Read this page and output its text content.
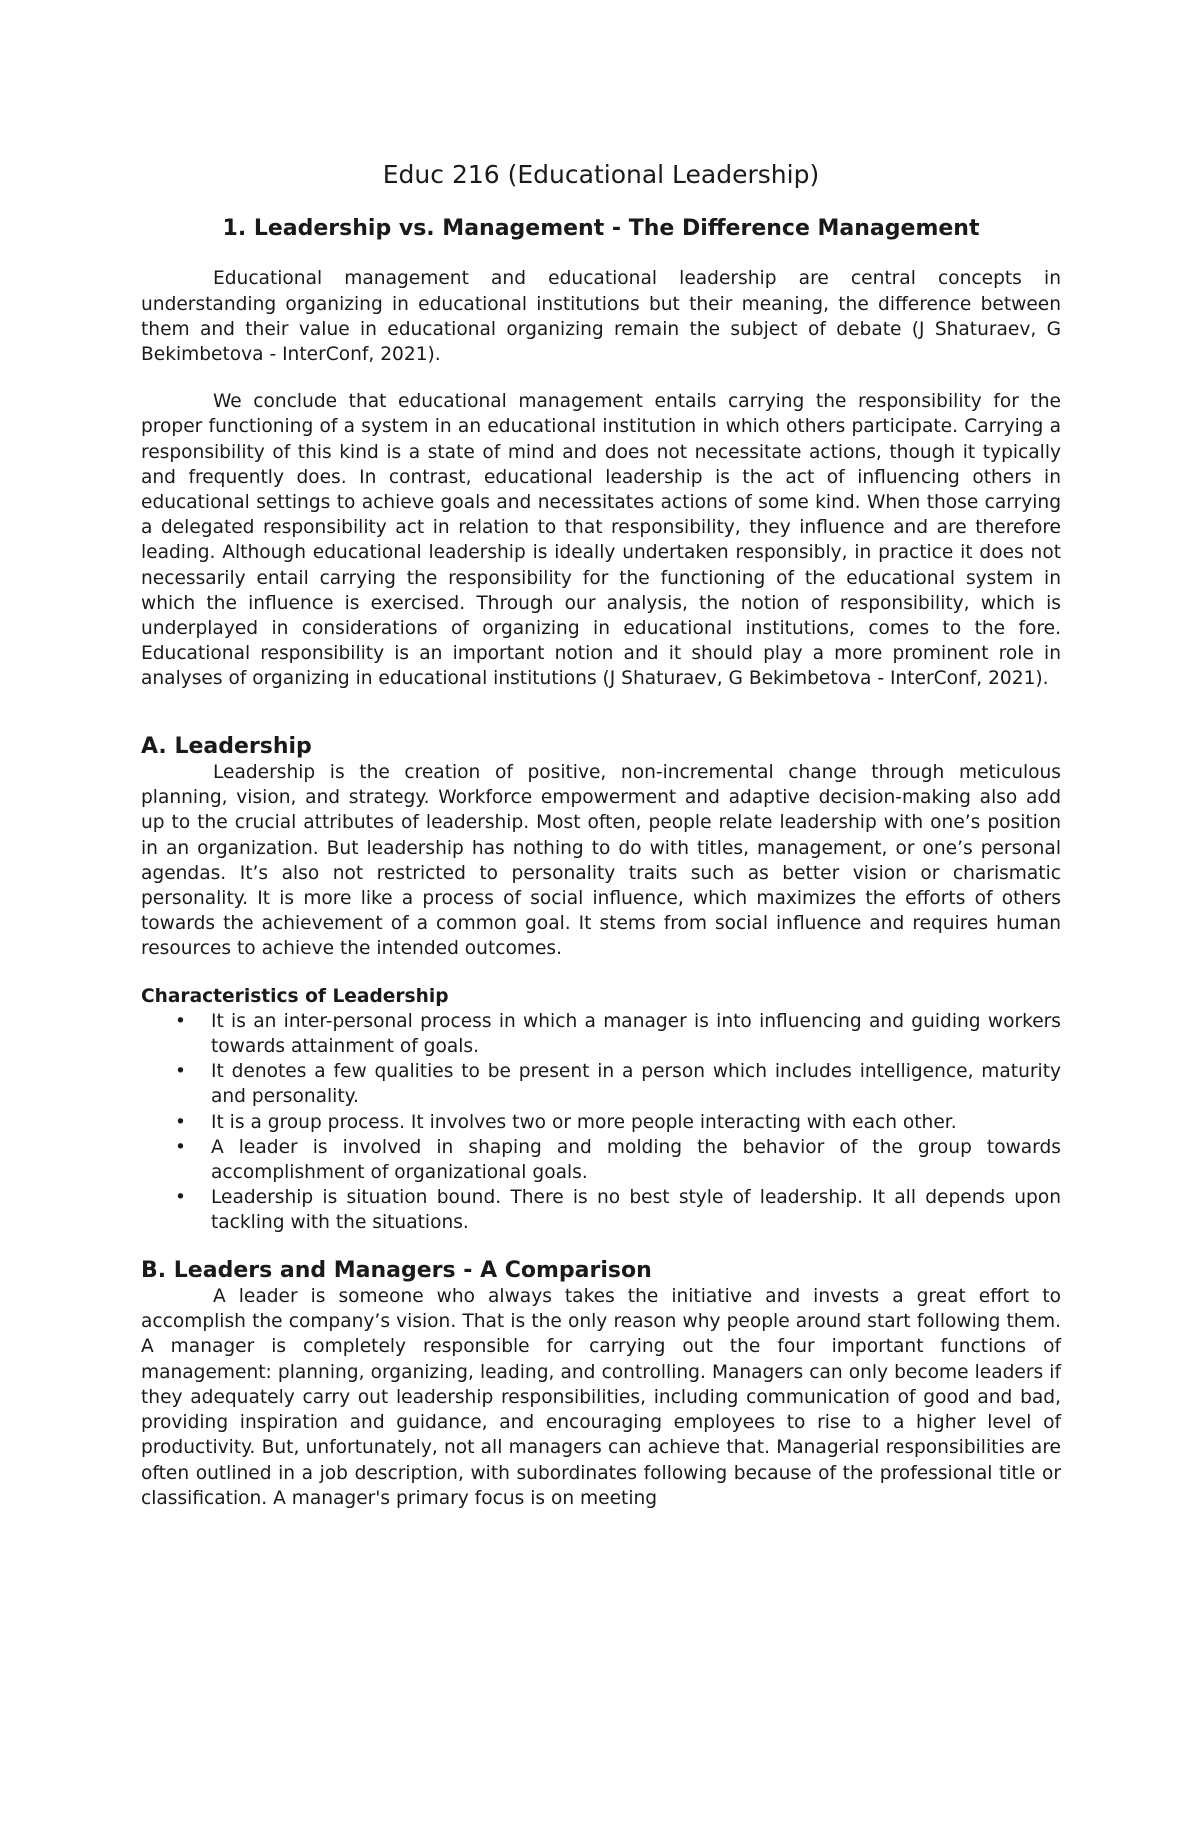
Educ 216 (Educational Leadership)
1. Leadership vs. Management - The Difference Management

Educational management and educational leadership are central concepts in understanding organizing in educational institutions but their meaning, the difference between them and their value in educational organizing remain the subject of debate (J Shaturaev, G Bekimbetova - InterConf, 2021).

We conclude that educational management entails carrying the responsibility for the proper functioning of a system in an educational institution in which others participate. Carrying a responsibility of this kind is a state of mind and does not necessitate actions, though it typically and frequently does. In contrast, educational leadership is the act of influencing others in educational settings to achieve goals and necessitates actions of some kind. When those carrying a delegated responsibility act in relation to that responsibility, they influence and are therefore leading. Although educational leadership is ideally undertaken responsibly, in practice it does not necessarily entail carrying the responsibility for the functioning of the educational system in which the influence is exercised. Through our analysis, the notion of responsibility, which is underplayed in considerations of organizing in educational institutions, comes to the fore. Educational responsibility is an important notion and it should play a more prominent role in analyses of organizing in educational institutions (J Shaturaev, G Bekimbetova - InterConf, 2021).

A. Leadership

Leadership is the creation of positive, non-incremental change through meticulous planning, vision, and strategy. Workforce empowerment and adaptive decision-making also add up to the crucial attributes of leadership. Most often, people relate leadership with one’s position in an organization. But leadership has nothing to do with titles, management, or one’s personal agendas. It’s also not restricted to personality traits such as better vision or charismatic personality. It is more like a process of social influence, which maximizes the efforts of others towards the achievement of a common goal. It stems from social influence and requires human resources to achieve the intended outcomes.

Characteristics of Leadership
• It is an inter-personal process in which a manager is into influencing and guiding workers towards attainment of goals.
• It denotes a few qualities to be present in a person which includes intelligence, maturity and personality.
• It is a group process. It involves two or more people interacting with each other.
• A leader is involved in shaping and molding the behavior of the group towards accomplishment of organizational goals.
• Leadership is situation bound. There is no best style of leadership. It all depends upon tackling with the situations.
B. Leaders and Managers - A Comparison

A leader is someone who always takes the initiative and invests a great effort to accomplish the company’s vision. That is the only reason why people around start following them. A manager is completely responsible for carrying out the four important functions of management: planning, organizing, leading, and controlling. Managers can only become leaders if they adequately carry out leadership responsibilities, including communication of good and bad, providing inspiration and guidance, and encouraging employees to rise to a higher level of productivity. But, unfortunately, not all managers can achieve that. Managerial responsibilities are often outlined in a job description, with subordinates following because of the professional title or classification. A manager's primary focus is on meeting
